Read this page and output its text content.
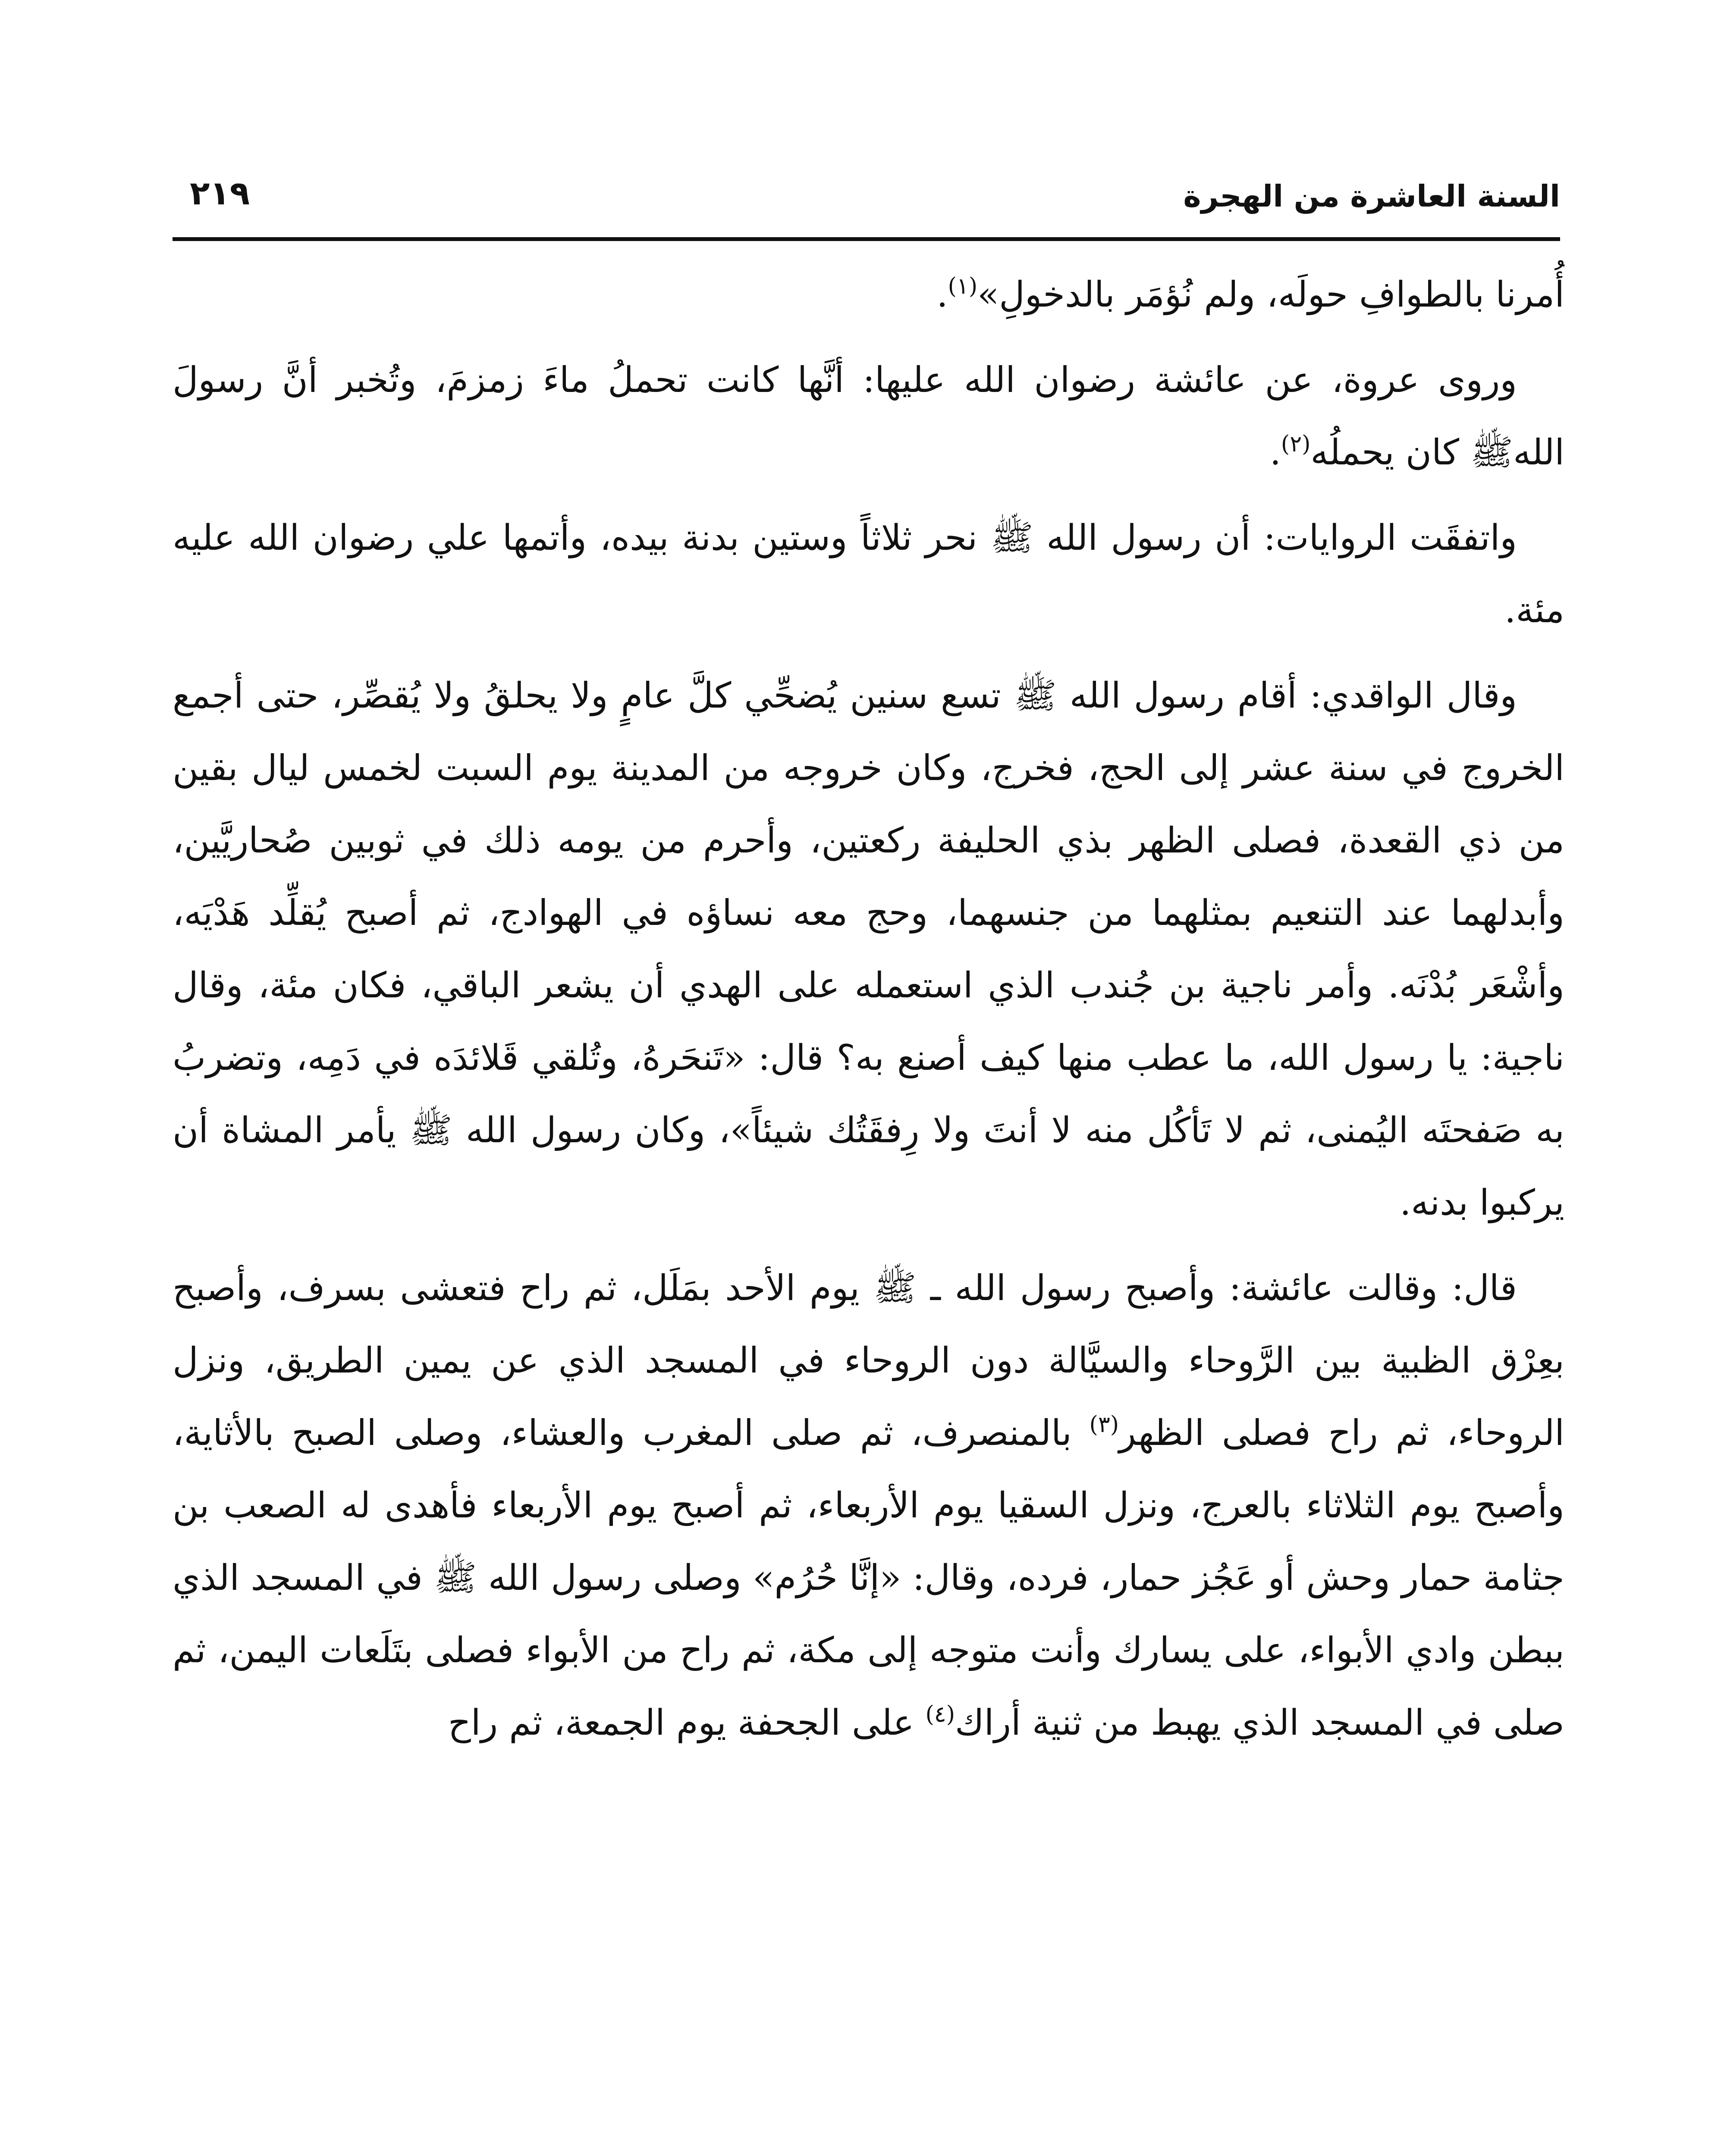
السنة العاشرة من الهجرة
٢١٩

أُمرنا بالطوافِ حولَه، ولم نُؤمَر بالدخولِ»$^{(١)}$.

وروى عروة، عن عائشة رضوان الله عليها: أنَّها كانت تحملُ ماءَ زمزمَ، وتُخبر أنَّ رسولَ اللهﷺ كان يحملُه$^{(٢)}$.

واتفقَت الروايات: أن رسول الله ﷺ نحر ثلاثاً وستين بدنة بيده، وأتمها علي رضوان الله عليه مئة.

وقال الواقدي: أقام رسول الله ﷺ تسع سنين يُضحِّي كلَّ عامٍ ولا يحلقُ ولا يُقصِّر، حتى أجمع الخروج في سنة عشر إلى الحج، فخرج، وكان خروجه من المدينة يوم السبت لخمس ليال بقين من ذي القعدة، فصلى الظهر بذي الحليفة ركعتين، وأحرم من يومه ذلك في ثوبين صُحاريَّين، وأبدلهما عند التنعيم بمثلهما من جنسهما، وحج معه نساؤه في الهوادج، ثم أصبح يُقلِّد هَدْيَه، وأشْعَر بُدْنَه. وأمر ناجية بن جُندب الذي استعمله على الهدي أن يشعر الباقي، فكان مئة، وقال ناجية: يا رسول الله، ما عطب منها كيف أصنع به؟ قال: «تَنحَرهُ، وتُلقي قَلائدَه في دَمِه، وتضربُ به صَفحتَه اليُمنى، ثم لا تَأكُل منه لا أنتَ ولا رِفقَتُك شيئاً»، وكان رسول الله ﷺ يأمر المشاة أن يركبوا بدنه.

قال: وقالت عائشة: وأصبح رسول الله ـ ﷺ يوم الأحد بمَلَل، ثم راح فتعشى بسرف، وأصبح بعِرْق الظبية بين الرَّوحاء والسيَّالة دون الروحاء في المسجد الذي عن يمين الطريق، ونزل الروحاء، ثم راح فصلى الظهر$^{(٣)}$ بالمنصرف، ثم صلى المغرب والعشاء، وصلى الصبح بالأثاية، وأصبح يوم الثلاثاء بالعرج، ونزل السقيا يوم الأربعاء، ثم أصبح يوم الأربعاء فأهدى له الصعب بن جثامة حمار وحش أو عَجُز حمار، فرده، وقال: «إنَّا حُرُم» وصلى رسول الله ﷺ في المسجد الذي ببطن وادي الأبواء، على يسارك وأنت متوجه إلى مكة، ثم راح من الأبواء فصلى بتَلَعات اليمن، ثم صلى في المسجد الذي يهبط من ثنية أراك$^{(٤)}$ على الجحفة يوم الجمعة، ثم راح
